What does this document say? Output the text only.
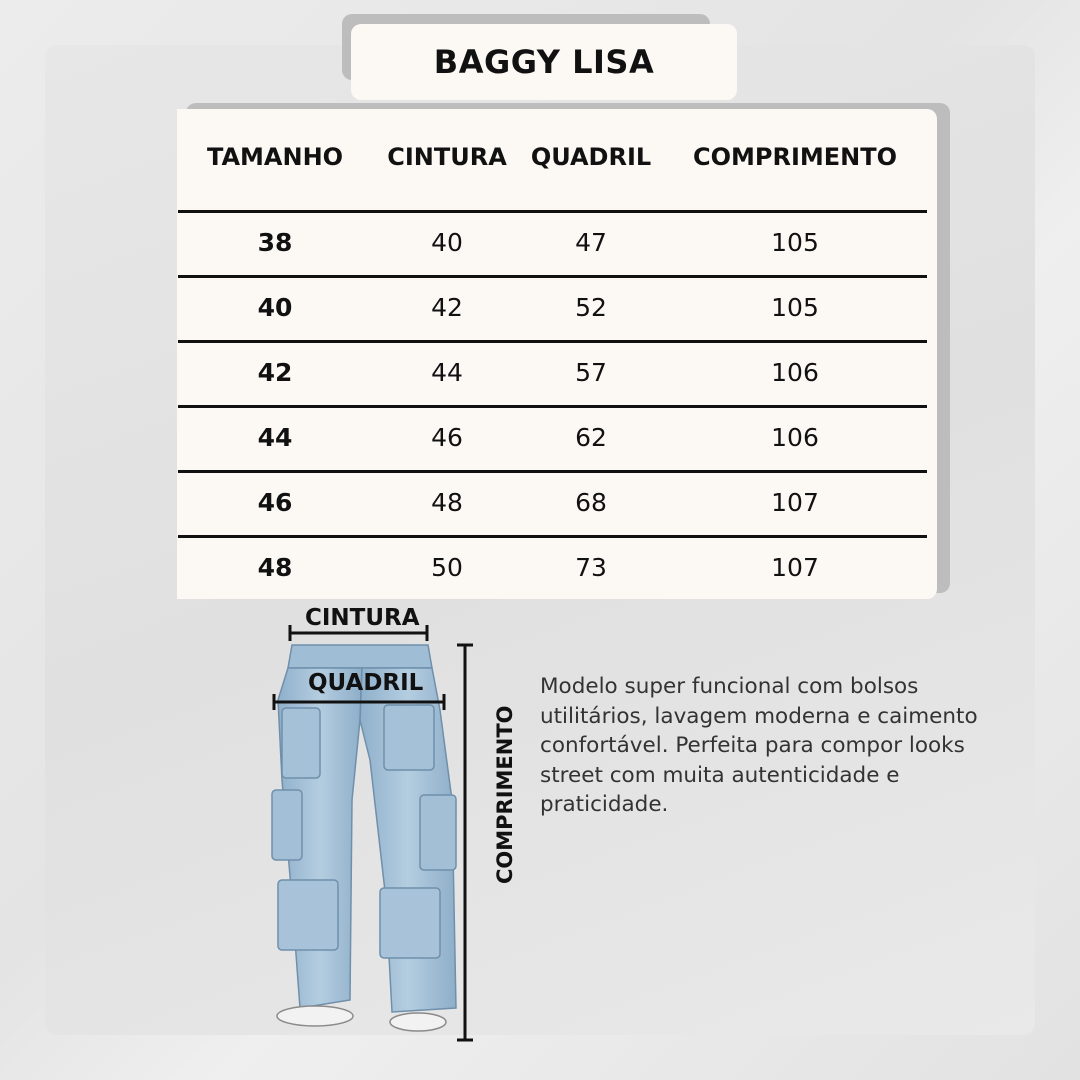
BAGGY LISA
TAMANHO	CINTURA	QUADRIL	COMPRIMENTO
38	40	47	105
40	42	52	105
42	44	57	106
44	46	62	106
46	48	68	107
48	50	73	107
CINTURA
QUADRIL
COMPRIMENTO
Modelo super funcional com bolsos utilitários, lavagem moderna e caimento confortável. Perfeita para compor looks street com muita autenticidade e praticidade.
